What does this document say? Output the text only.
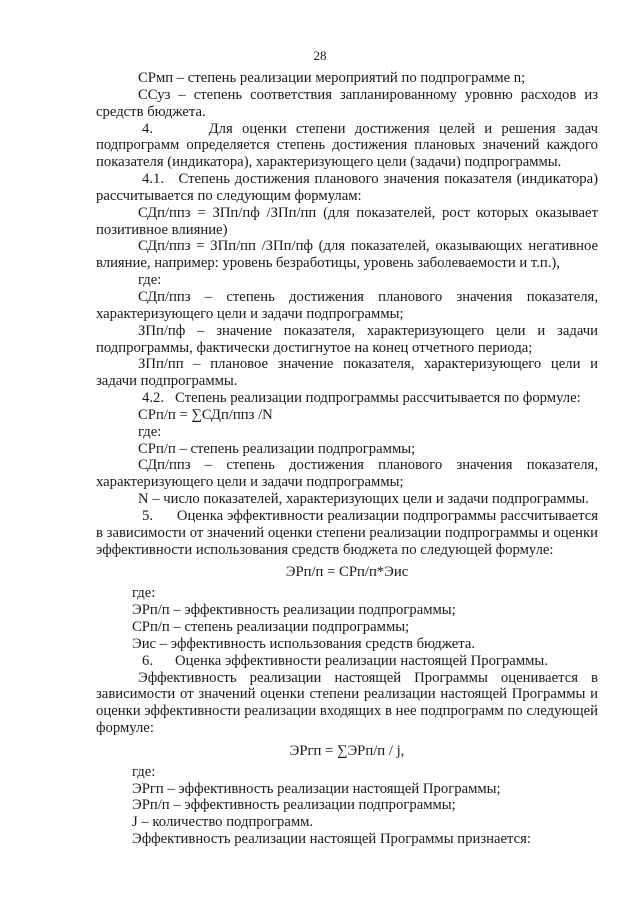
28

СРмп – степень реализации мероприятий по подпрограмме n;

ССуз – степень соответствия запланированному уровню расходов из средств бюджета.

4.      Для оценки степени достижения целей и решения задач подпрограмм определяется степень достижения плановых значений каждого показателя (индикатора), характеризующего цели (задачи) подпрограммы.

4.1.   Степень достижения планового значения показателя (индикатора) рассчитывается по следующим формулам:

СДп/ппз = ЗПп/пф /ЗПп/пп (для показателей, рост которых оказывает позитивное влияние)

СДп/ппз = ЗПп/пп /ЗПп/пф (для показателей, оказывающих негативное влияние, например: уровень безработицы, уровень заболеваемости и т.п.),

где:

СДп/ппз – степень достижения планового значения показателя, характеризующего цели и задачи подпрограммы;

ЗПп/пф – значение показателя, характеризующего цели и задачи подпрограммы, фактически достигнутое на конец отчетного периода;

ЗПп/пп – плановое значение показателя, характеризующего цели и задачи подпрограммы.

4.2.   Степень реализации подпрограммы рассчитывается по формуле:

СРп/п = ∑СДп/ппз /N

где:

СРп/п – степень реализации подпрограммы;

СДп/ппз – степень достижения планового значения показателя, характеризующего цели и задачи подпрограммы;

N – число показателей, характеризующих цели и задачи подпрограммы.

5.      Оценка эффективности реализации подпрограммы рассчитывается в зависимости от значений оценки степени реализации подпрограммы и оценки эффективности использования средств бюджета по следующей формуле:

ЭРп/п = СРп/п*Эис

где:

ЭРп/п – эффективность реализации подпрограммы;

СРп/п – степень реализации подпрограммы;

Эис – эффективность использования средств бюджета.

6.      Оценка эффективности реализации настоящей Программы.

Эффективность реализации настоящей Программы оценивается в зависимости от значений оценки степени реализации настоящей Программы и оценки эффективности реализации входящих в нее подпрограмм по следующей формуле:

ЭРгп = ∑ЭРп/п / j,

где:

ЭРгп – эффективность реализации настоящей Программы;

ЭРп/п – эффективность реализации подпрограммы;

J – количество подпрограмм.

Эффективность реализации настоящей Программы признается:
